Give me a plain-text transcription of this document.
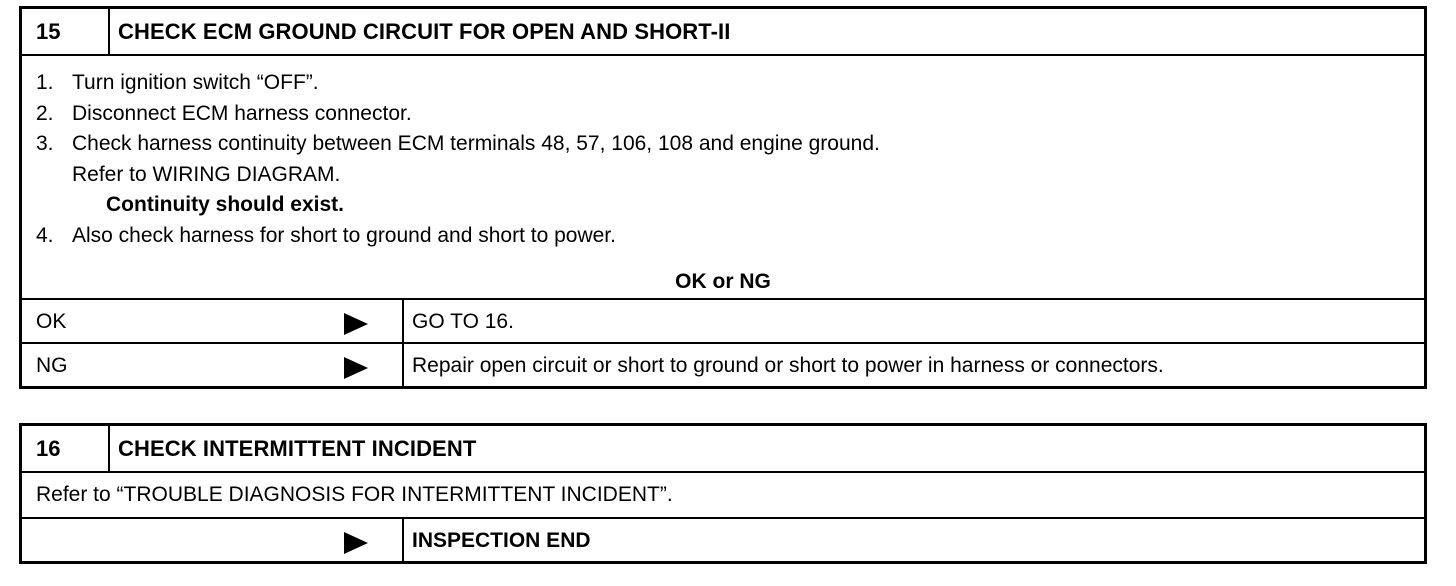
15	CHECK ECM GROUND CIRCUIT FOR OPEN AND SHORT-II
1. Turn ignition switch “OFF”.
2. Disconnect ECM harness connector.
3. Check harness continuity between ECM terminals 48, 57, 106, 108 and engine ground.
Refer to WIRING DIAGRAM.
Continuity should exist.
4. Also check harness for short to ground and short to power.
OK or NG
OK	GO TO 16.
NG	Repair open circuit or short to ground or short to power in harness or connectors.
16	CHECK INTERMITTENT INCIDENT
Refer to “TROUBLE DIAGNOSIS FOR INTERMITTENT INCIDENT”.
INSPECTION END
